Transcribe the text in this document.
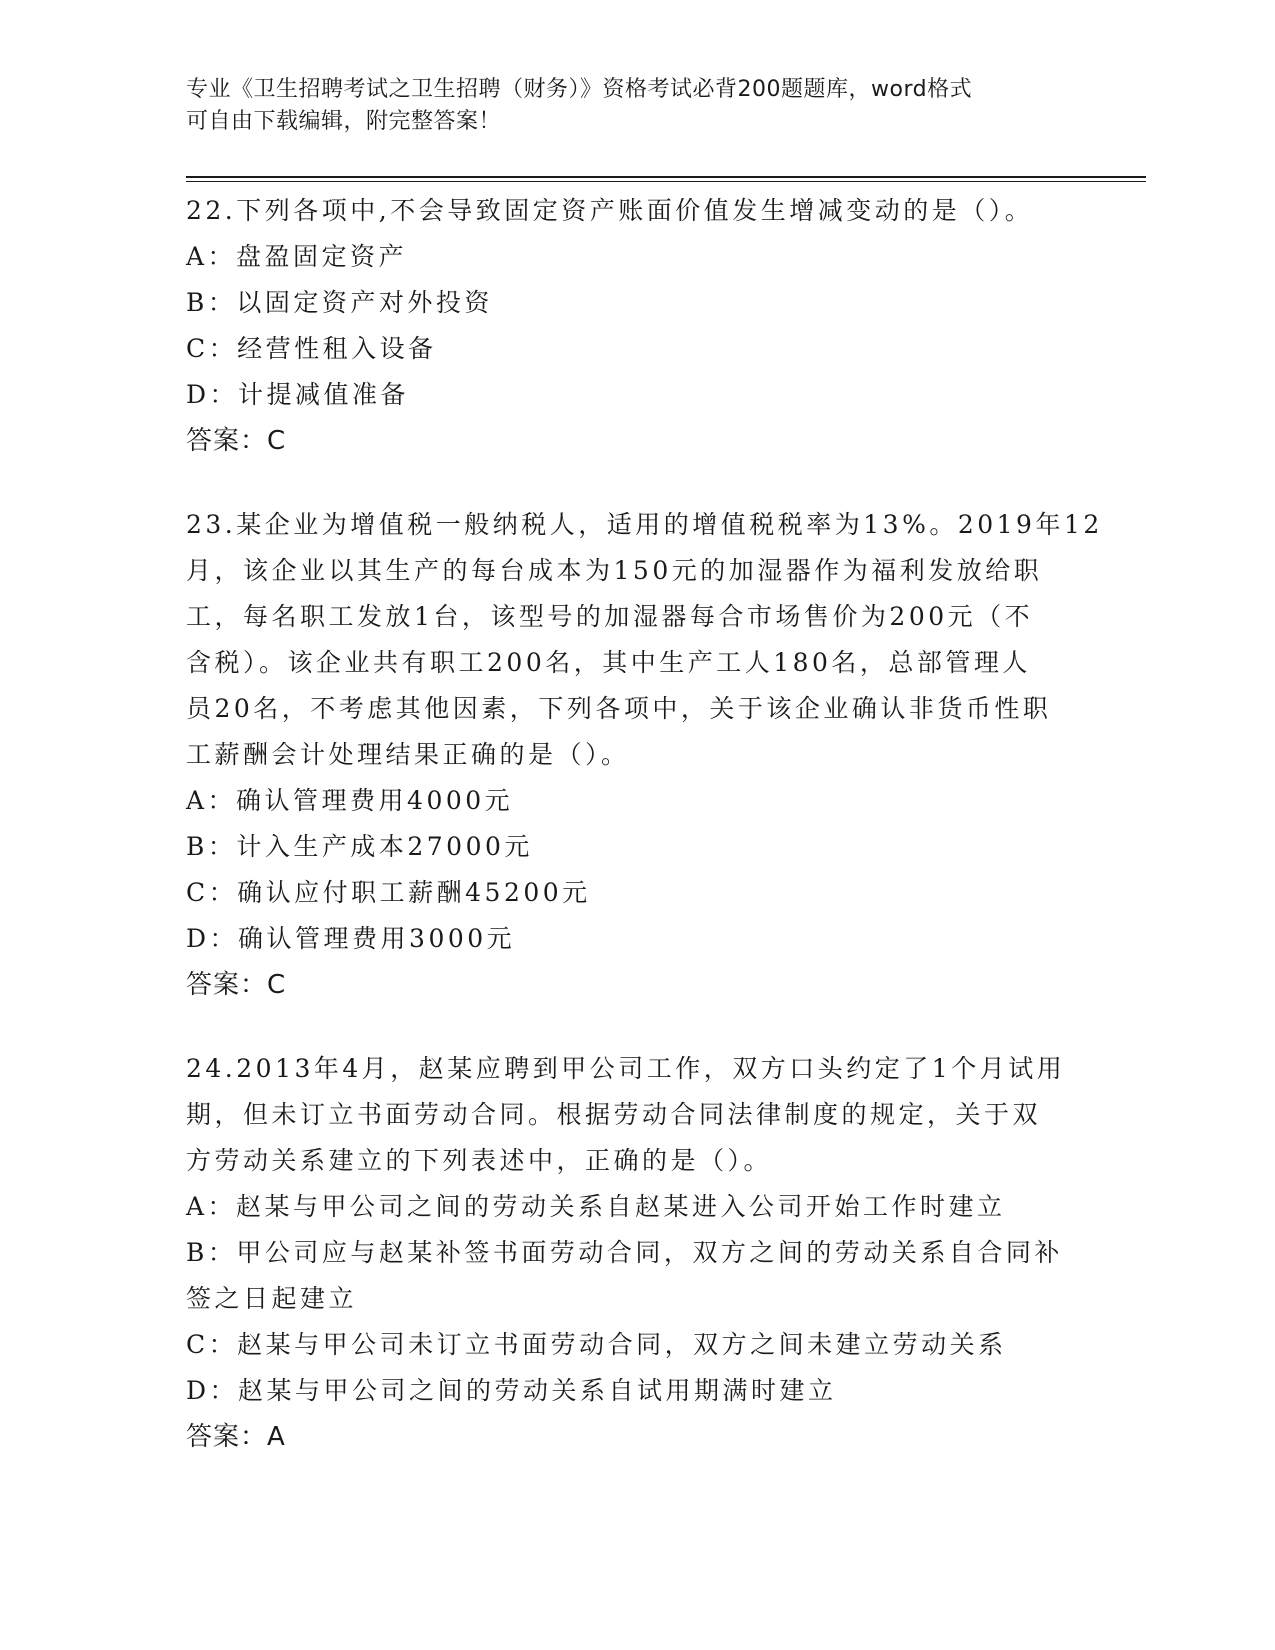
专业《卫生招聘考试之卫生招聘（财务）》资格考试必背200题题库，word格式
可自由下载编辑，附完整答案！
22.下列各项中,不会导致固定资产账面价值发生增减变动的是（）。
A：盘盈固定资产
B：以固定资产对外投资
C：经营性租入设备
D：计提减值准备
答案：C
23.某企业为增值税一般纳税人，适用的增值税税率为13%。2019年12
月，该企业以其生产的每台成本为150元的加湿器作为福利发放给职
工，每名职工发放1台，该型号的加湿器每合市场售价为200元（不
含税）。该企业共有职工200名，其中生产工人180名，总部管理人
员20名，不考虑其他因素，下列各项中，关于该企业确认非货币性职
工薪酬会计处理结果正确的是（）。
A：确认管理费用4000元
B：计入生产成本27000元
C：确认应付职工薪酬45200元
D：确认管理费用3000元
答案：C
24.2013年4月，赵某应聘到甲公司工作，双方口头约定了1个月试用
期，但未订立书面劳动合同。根据劳动合同法律制度的规定，关于双
方劳动关系建立的下列表述中，正确的是（）。
A：赵某与甲公司之间的劳动关系自赵某进入公司开始工作时建立
B：甲公司应与赵某补签书面劳动合同，双方之间的劳动关系自合同补
签之日起建立
C：赵某与甲公司未订立书面劳动合同，双方之间未建立劳动关系
D：赵某与甲公司之间的劳动关系自试用期满时建立
答案：A
